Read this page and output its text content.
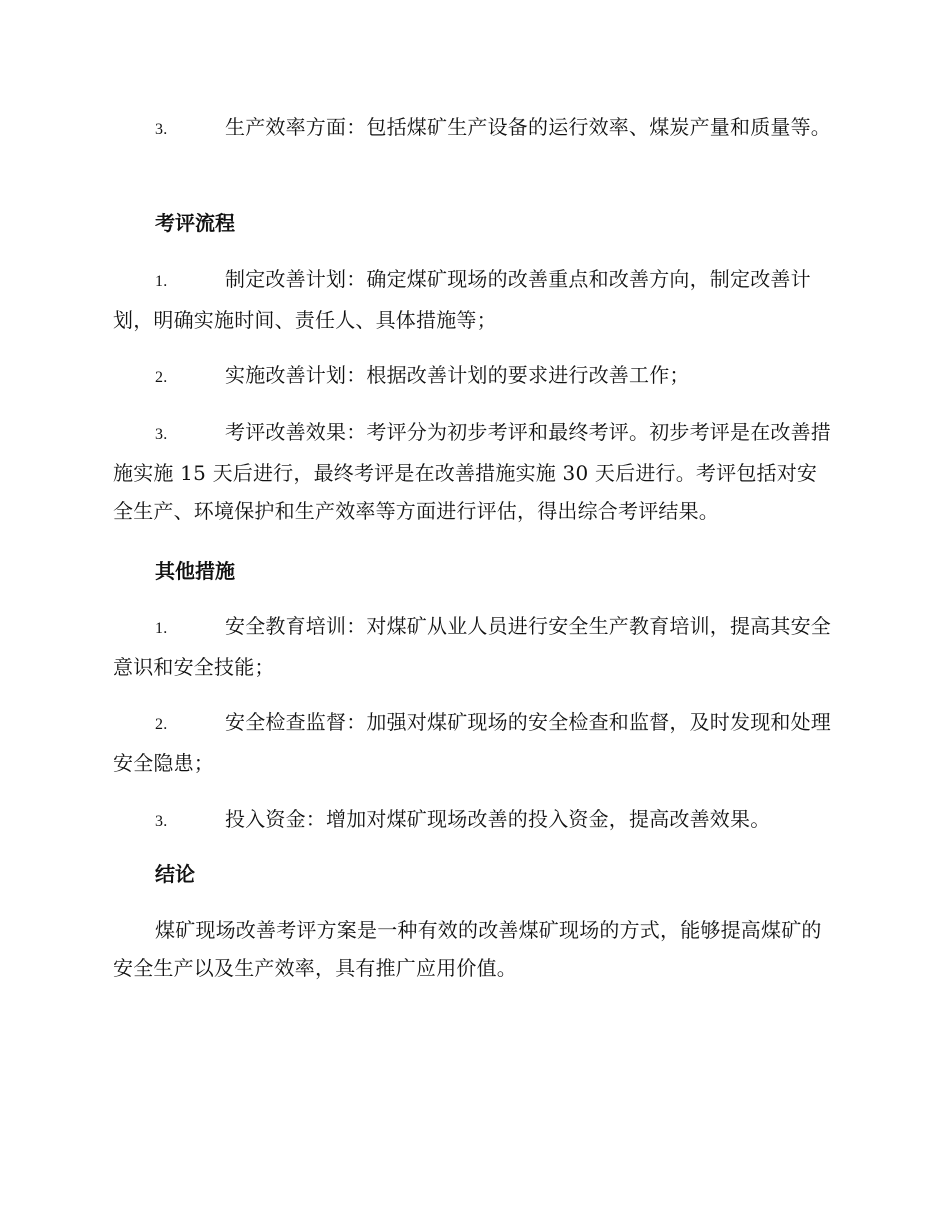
3.	生产效率方面：包括煤矿生产设备的运行效率、煤炭产量和质量等。

考评流程

1.	制定改善计划：确定煤矿现场的改善重点和改善方向，制定改善计划，明确实施时间、责任人、具体措施等；

2.	实施改善计划：根据改善计划的要求进行改善工作；

3.	考评改善效果：考评分为初步考评和最终考评。初步考评是在改善措施实施 15 天后进行，最终考评是在改善措施实施 30 天后进行。考评包括对安全生产、环境保护和生产效率等方面进行评估，得出综合考评结果。

其他措施

1.	安全教育培训：对煤矿从业人员进行安全生产教育培训，提高其安全意识和安全技能；

2.	安全检查监督：加强对煤矿现场的安全检查和监督，及时发现和处理安全隐患；

3.	投入资金：增加对煤矿现场改善的投入资金，提高改善效果。

结论

煤矿现场改善考评方案是一种有效的改善煤矿现场的方式，能够提高煤矿的安全生产以及生产效率，具有推广应用价值。
